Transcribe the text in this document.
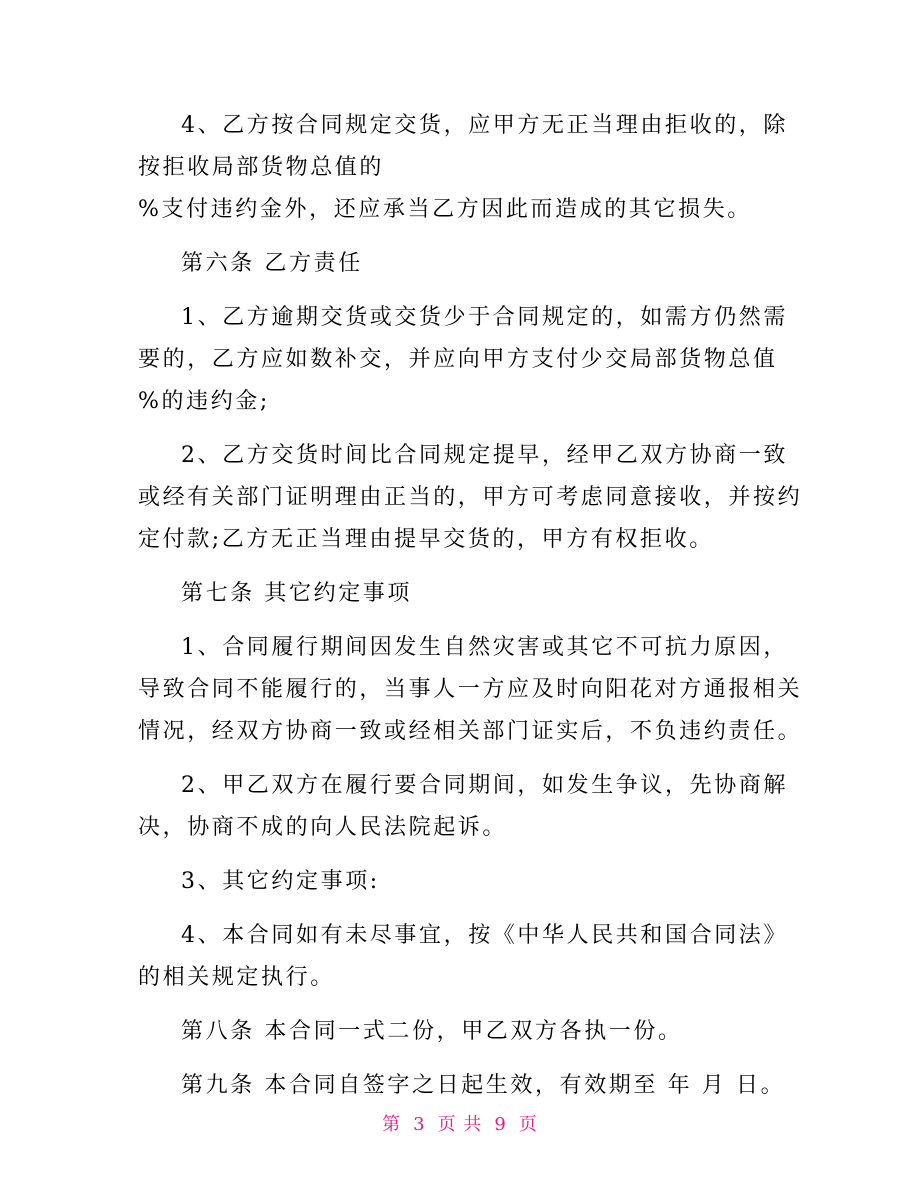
4、乙方按合同规定交货，应甲方无正当理由拒收的，除
按拒收局部货物总值的
%支付违约金外，还应承当乙方因此而造成的其它损失。
第六条 乙方责任
1、乙方逾期交货或交货少于合同规定的，如需方仍然需
要的，乙方应如数补交，并应向甲方支付少交局部货物总值
%的违约金;
2、乙方交货时间比合同规定提早，经甲乙双方协商一致
或经有关部门证明理由正当的，甲方可考虑同意接收，并按约
定付款;乙方无正当理由提早交货的，甲方有权拒收。
第七条 其它约定事项
1、合同履行期间因发生自然灾害或其它不可抗力原因，
导致合同不能履行的，当事人一方应及时向阳花对方通报相关
情况，经双方协商一致或经相关部门证实后，不负违约责任。
2、甲乙双方在履行要合同期间，如发生争议，先协商解
决，协商不成的向人民法院起诉。
3、其它约定事项:
4、本合同如有未尽事宜，按《中华人民共和国合同法》
的相关规定执行。
第八条 本合同一式二份，甲乙双方各执一份。
第九条 本合同自签字之日起生效，有效期至 年 月 日。
第 3 页 共 9 页
